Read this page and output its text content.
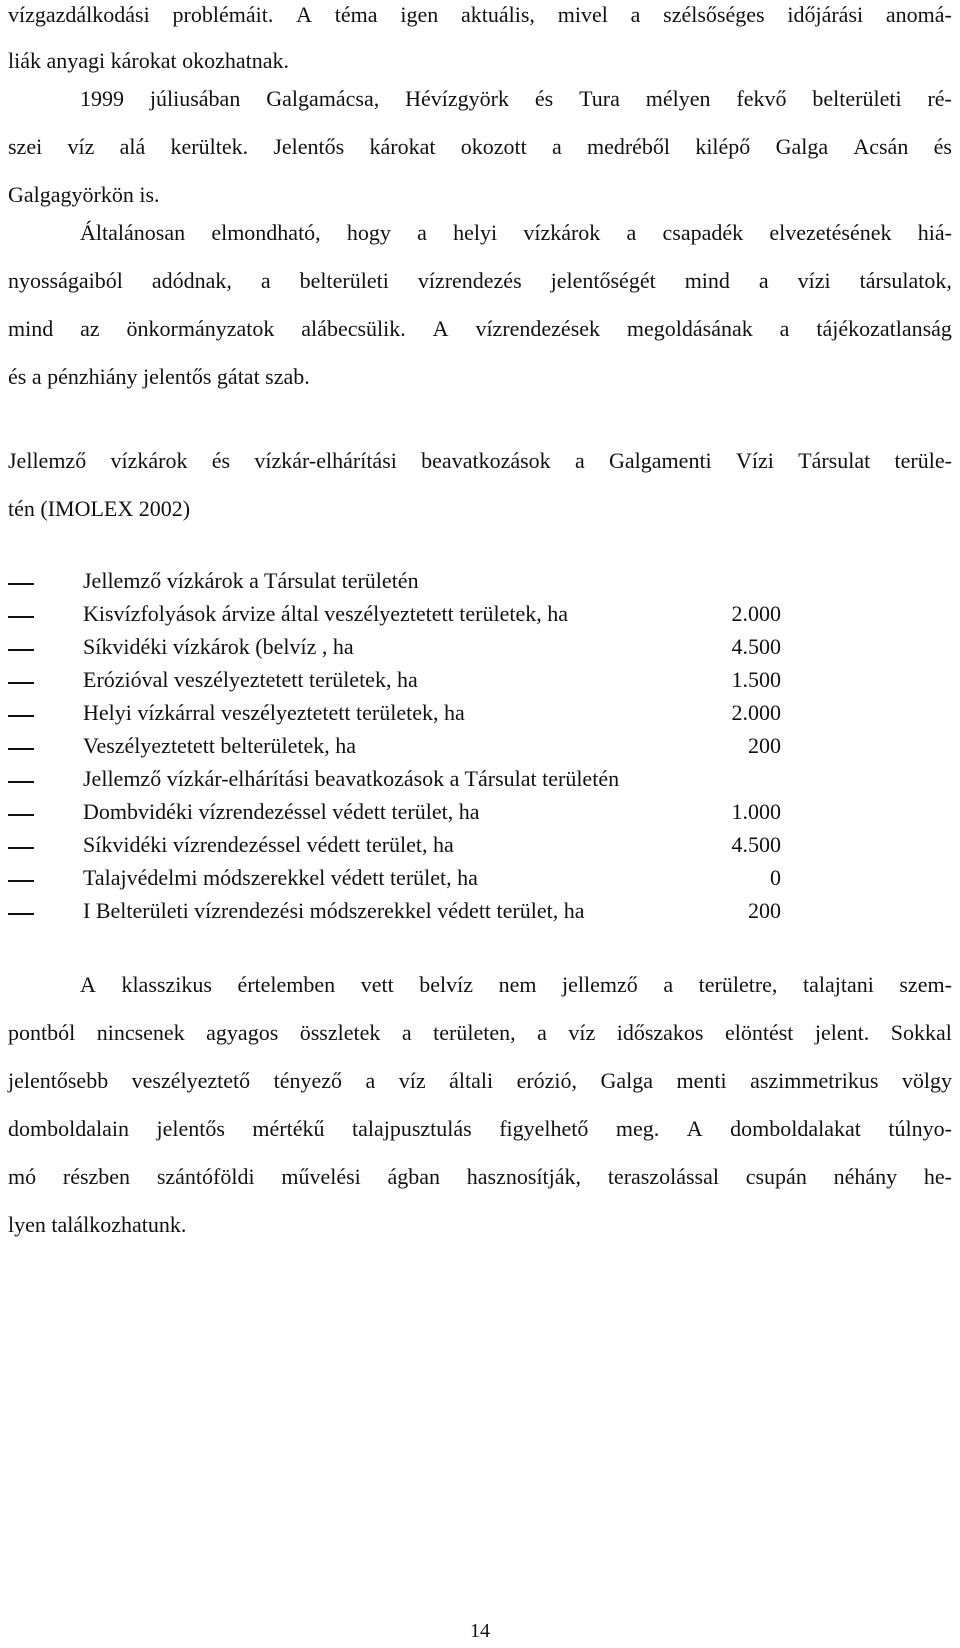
vízgazdálkodási problémáit. A téma igen aktuális, mivel a szélsőséges időjárási anomá-
liák anyagi károkat okozhatnak.
1999 júliusában Galgamácsa, Hévízgyörk és Tura mélyen fekvő belterületi ré-
szei víz alá kerültek. Jelentős károkat okozott a medréből kilépő Galga Acsán és
Galgagyörkön is.
Általánosan elmondható, hogy a helyi vízkárok a csapadék elvezetésének hiá-
nyosságaiból adódnak, a belterületi vízrendezés jelentőségét mind a vízi társulatok,
mind az önkormányzatok alábecsülik. A vízrendezések megoldásának a tájékozatlanság
és a pénzhiány jelentős gátat szab.
Jellemző vízkárok és vízkár-elhárítási beavatkozások a Galgamenti Vízi Társulat terüle-
tén (IMOLEX 2002)
Jellemző vízkárok a Társulat területén
Kisvízfolyások árvize által veszélyeztetett területek, ha	2.000
Síkvidéki vízkárok (belvíz , ha	4.500
Erózióval veszélyeztetett területek, ha	1.500
Helyi vízkárral veszélyeztetett területek, ha	2.000
Veszélyeztetett belterületek, ha	200
Jellemző vízkár-elhárítási beavatkozások a Társulat területén
Dombvidéki vízrendezéssel védett terület, ha	1.000
Síkvidéki vízrendezéssel védett terület, ha	4.500
Talajvédelmi módszerekkel védett terület, ha	0
I Belterületi vízrendezési módszerekkel védett terület, ha	200
A klasszikus értelemben vett belvíz nem jellemző a területre, talajtani szem-
pontból nincsenek agyagos összletek a területen, a víz időszakos elöntést jelent. Sokkal
jelentősebb veszélyeztető tényező a víz általi erózió, Galga menti aszimmetrikus völgy
domboldalain jelentős mértékű talajpusztulás figyelhető meg. A domboldalakat túlnyo-
mó részben szántóföldi művelési ágban hasznosítják, teraszolással csupán néhány he-
lyen találkozhatunk.
14
